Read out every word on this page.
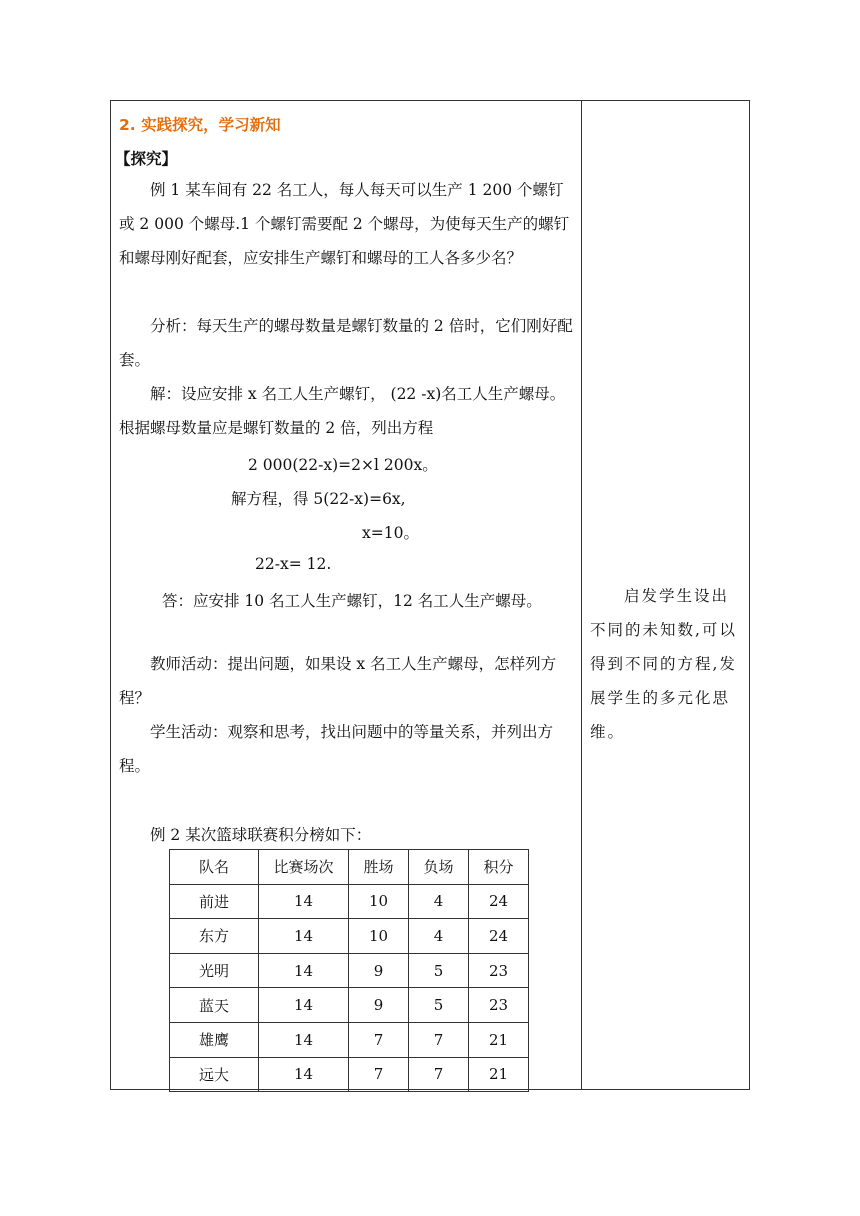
2. 实践探究，学习新知
【探究】
例 1 某车间有 22 名工人，每人每天可以生产 1 200 个螺钉或 2 000 个螺母.1 个螺钉需要配 2 个螺母，为使每天生产的螺钉和螺母刚好配套，应安排生产螺钉和螺母的工人各多少名？
分析：每天生产的螺母数量是螺钉数量的 2 倍时，它们刚好配套。
解：设应安排 x 名工人生产螺钉， (22 -x)名工人生产螺母。根据螺母数量应是螺钉数量的 2 倍，列出方程
2 000(22-x)=2×l 200x。
解方程，得 5(22-x)=6x,
x=10。
22-x= 12.
答：应安排 10 名工人生产螺钉，12 名工人生产螺母。
教师活动：提出问题，如果设 x 名工人生产螺母，怎样列方程？
学生活动：观察和思考，找出问题中的等量关系，并列出方程。
例 2 某次篮球联赛积分榜如下：
队名	比赛场次	胜场	负场	积分
前进	14	10	4	24
东方	14	10	4	24
光明	14	9	5	23
蓝天	14	9	5	23
雄鹰	14	7	7	21
远大	14	7	7	21
启发学生设出不同的未知数,可以得到不同的方程,发展学生的多元化思维。
